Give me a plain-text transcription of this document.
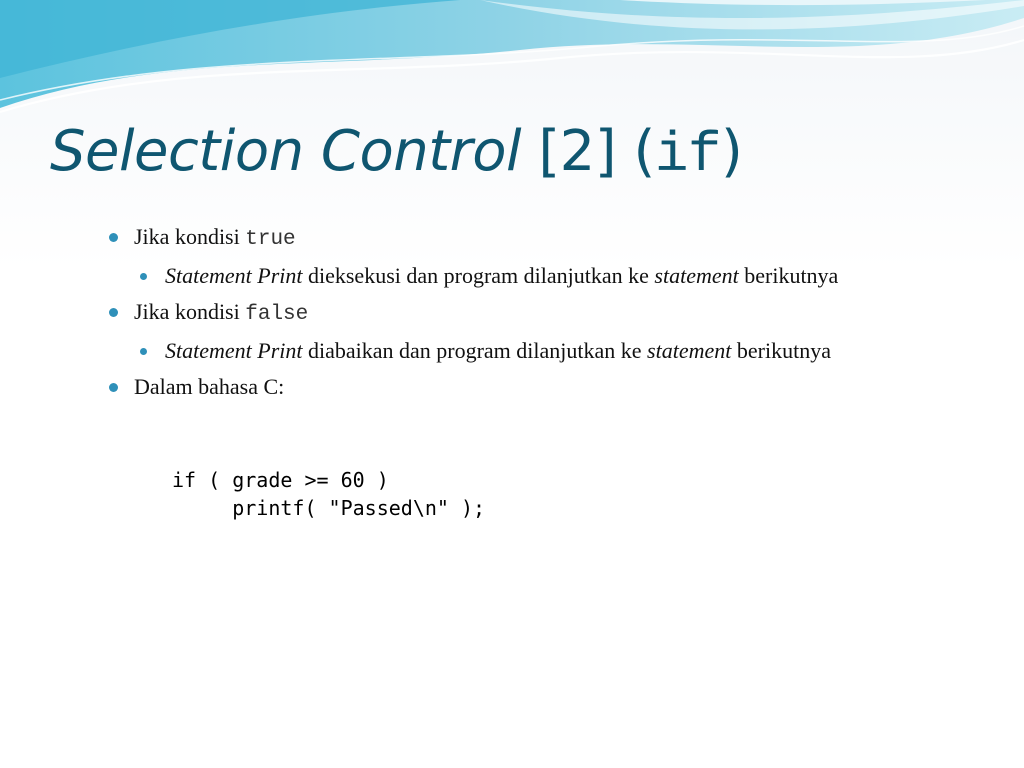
Selection Control [2] (if)
Jika kondisi true
Statement Print dieksekusi dan program dilanjutkan ke statement berikutnya
Jika kondisi false
Statement Print diabaikan dan program dilanjutkan ke statement berikutnya
Dalam bahasa C:
if ( grade >= 60 )
printf( "Passed\n" );
